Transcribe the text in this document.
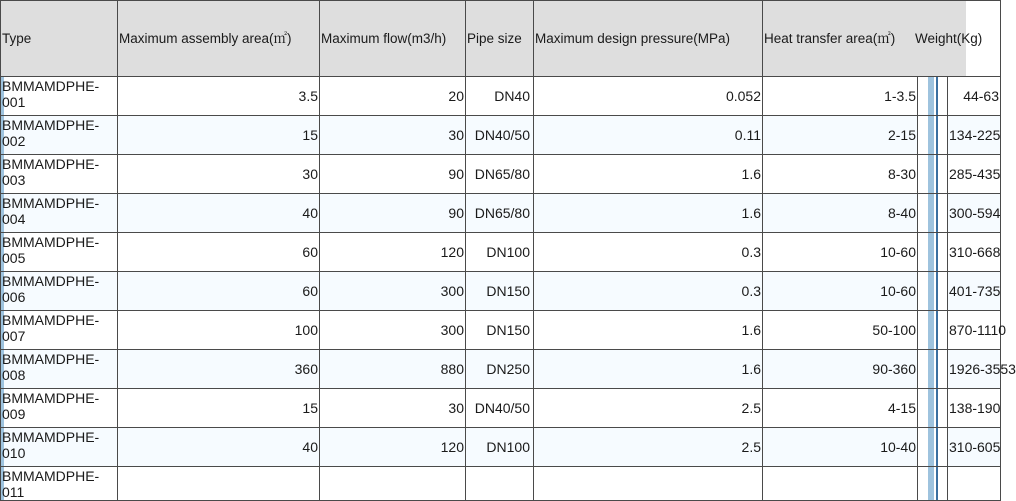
Type	Maximum assembly area(㎡)	Maximum flow(m3/h)	Pipe size	Maximum design pressure(MPa)	Heat transfer area(㎡)		Weight(Kg)
BMMAMDPHE-001	3.5	20	DN40	0.052	1-3.5		44-63
BMMAMDPHE-002	15	30	DN40/50	0.11	2-15		134-225
BMMAMDPHE-003	30	90	DN65/80	1.6	8-30		285-435
BMMAMDPHE-004	40	90	DN65/80	1.6	8-40		300-594
BMMAMDPHE-005	60	120	DN100	0.3	10-60		310-668
BMMAMDPHE-006	60	300	DN150	0.3	10-60		401-735
BMMAMDPHE-007	100	300	DN150	1.6	50-100		870-1110
BMMAMDPHE-008	360	880	DN250	1.6	90-360		1926-3553
BMMAMDPHE-009	15	30	DN40/50	2.5	4-15		138-190
BMMAMDPHE-010	40	120	DN100	2.5	10-40		310-605
BMMAMDPHE-011							
